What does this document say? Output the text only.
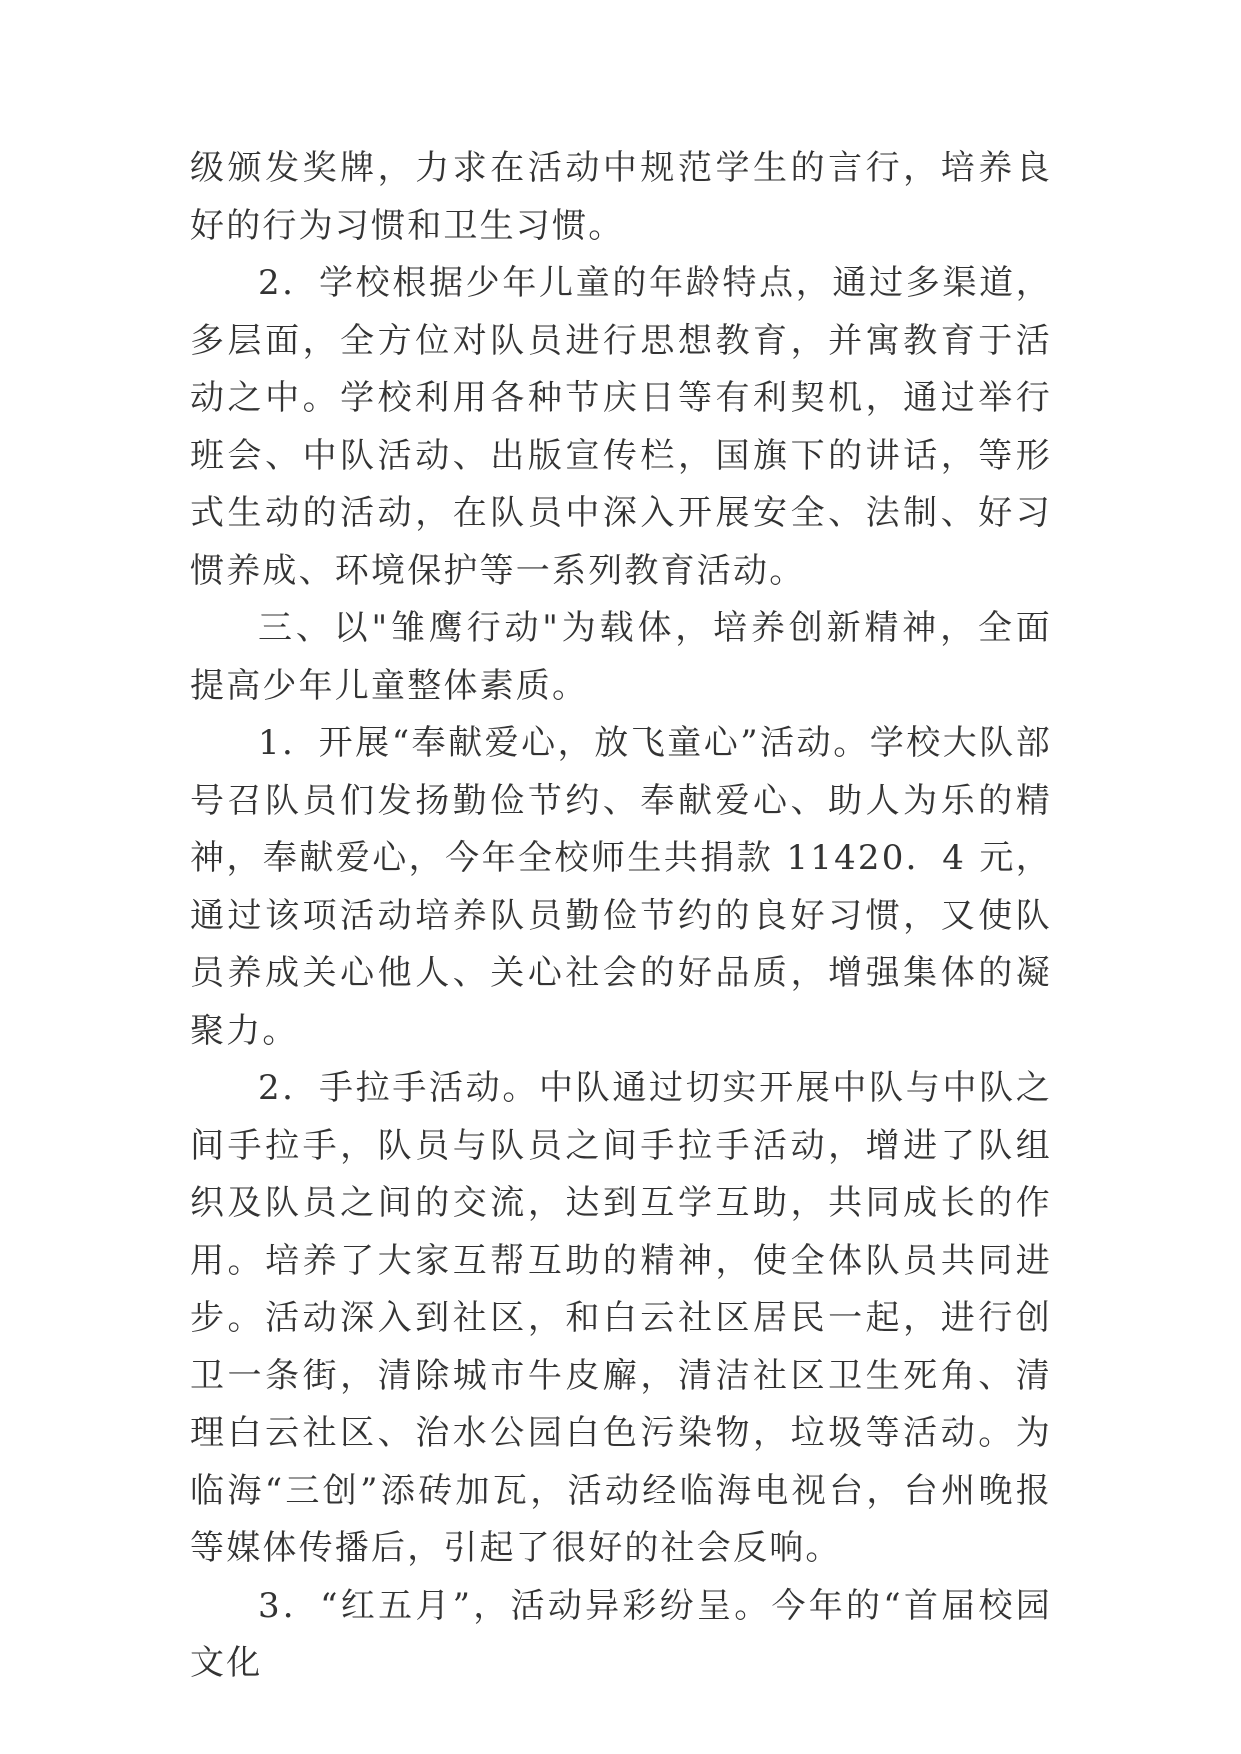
级颁发奖牌，力求在活动中规范学生的言行，培养良好的行为习惯和卫生习惯。

2．学校根据少年儿童的年龄特点，通过多渠道，多层面，全方位对队员进行思想教育，并寓教育于活动之中。学校利用各种节庆日等有利契机，通过举行班会、中队活动、出版宣传栏，国旗下的讲话，等形式生动的活动，在队员中深入开展安全、法制、好习惯养成、环境保护等一系列教育活动。

三、以"雏鹰行动"为载体，培养创新精神，全面提高少年儿童整体素质。

1．开展“奉献爱心，放飞童心”活动。学校大队部号召队员们发扬勤俭节约、奉献爱心、助人为乐的精神，奉献爱心，今年全校师生共捐款 11420．4 元，通过该项活动培养队员勤俭节约的良好习惯，又使队员养成关心他人、关心社会的好品质，增强集体的凝聚力。

2．手拉手活动。中队通过切实开展中队与中队之间手拉手，队员与队员之间手拉手活动，增进了队组织及队员之间的交流，达到互学互助，共同成长的作用。培养了大家互帮互助的精神，使全体队员共同进步。活动深入到社区，和白云社区居民一起，进行创卫一条街，清除城市牛皮廨，清洁社区卫生死角、清理白云社区、治水公园白色污染物，垃圾等活动。为临海“三创”添砖加瓦，活动经临海电视台，台州晚报等媒体传播后，引起了很好的社会反响。

3．“红五月”，活动异彩纷呈。今年的“首届校园文化
